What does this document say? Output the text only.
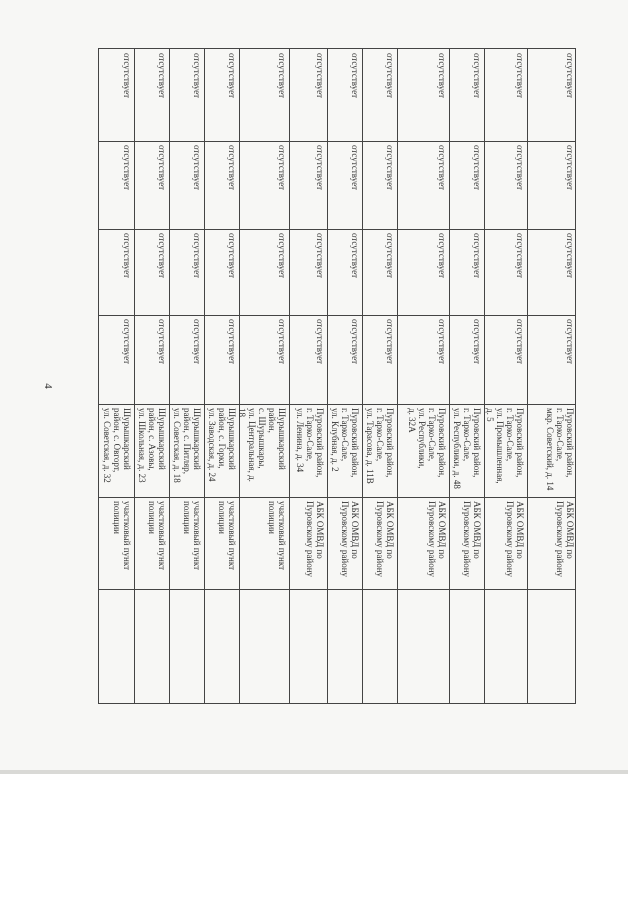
4
отсутствует
отсутствует
отсутствует
отсутствует
Шурышкарский
район, с. Овгорт,
ул. Советская, д. 32
участковый пункт
полиции
отсутствует
отсутствует
отсутствует
отсутствует
Шурышкарский
район, с. Азовы,
ул. Школьная, д. 23
участковый пункт
полиции
отсутствует
отсутствует
отсутствует
отсутствует
Шурышкарский
район, с. Питляр,
ул. Советская, д. 18
участковый пункт
полиции
отсутствует
отсутствует
отсутствует
отсутствует
Шурышкарский
район, с. Горки,
ул. Заводская, д. 24
участковый пункт
полиции
отсутствует
отсутствует
отсутствует
отсутствует
Шурышкарский
район,
с. Шурышкары,
ул. Центральная, д. 18
участковый пункт
полиции
отсутствует
отсутствует
отсутствует
отсутствует
Пуровский район,
г. Тарко-Сале,
ул. Ленина, д. 34
АБК ОМВД по
Пуровскому району
отсутствует
отсутствует
отсутствует
отсутствует
Пуровский район,
г. Тарко-Сале,
ул. Клубная, д. 2
АБК ОМВД по
Пуровскому району
отсутствует
отсутствует
отсутствует
отсутствует
Пуровский район,
г. Тарко-Сале,
ул. Тарасова, д. 11В
АБК ОМВД по
Пуровскому району
отсутствует
отсутствует
отсутствует
отсутствует
Пуровский район,
г. Тарко-Сале,
ул. Республики,
д. 32А
АБК ОМВД по
Пуровскому району
отсутствует
отсутствует
отсутствует
отсутствует
Пуровский район,
г. Тарко-Сале,
ул. Республики, д. 48
АБК ОМВД по
Пуровскому району
отсутствует
отсутствует
отсутствует
отсутствует
Пуровский район,
г. Тарко-Сале,
ул. Промышленная,
д. 5
АБК ОМВД по
Пуровскому району
отсутствует
отсутствует
отсутствует
отсутствует
Пуровский район,
г. Тарко-Сале,
мкр. Советский, д. 14
АБК ОМВД по
Пуровскому району
